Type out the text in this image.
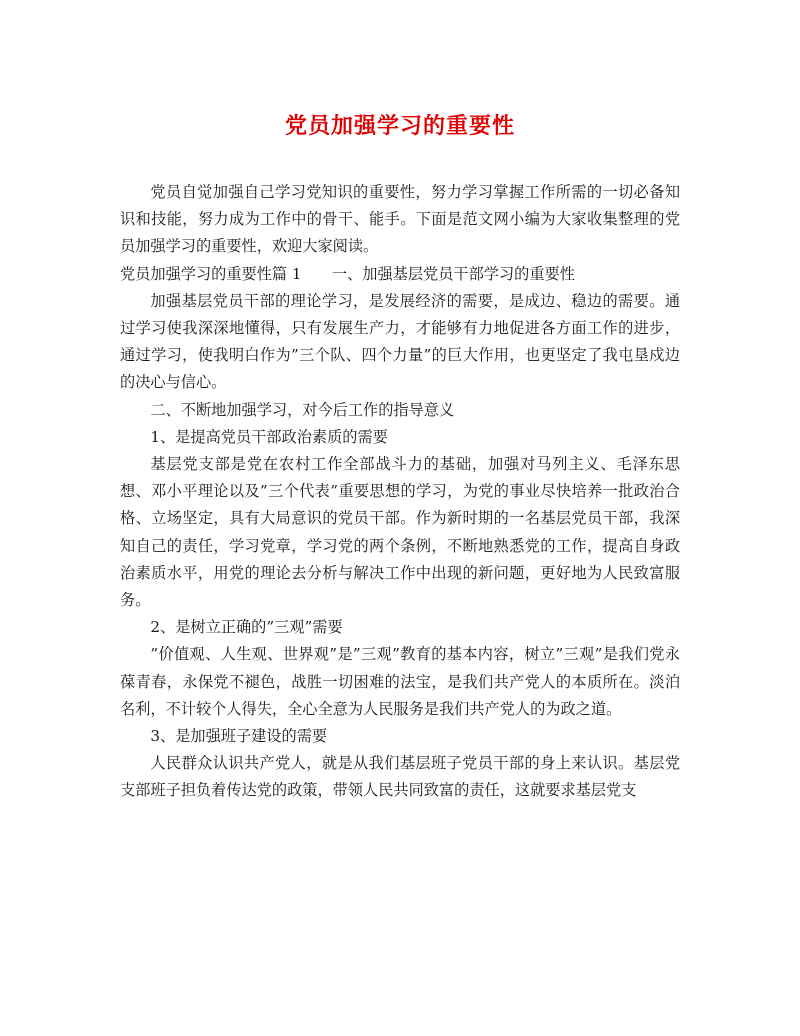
党员加强学习的重要性

党员自觉加强自己学习党知识的重要性，努力学习掌握工作所需的一切必备知识和技能，努力成为工作中的骨干、能手。下面是范文网小编为大家收集整理的党员加强学习的重要性，欢迎大家阅读。

党员加强学习的重要性篇 1　　一、加强基层党员干部学习的重要性

加强基层党员干部的理论学习，是发展经济的需要，是成边、稳边的需要。通过学习使我深深地懂得，只有发展生产力，才能够有力地促进各方面工作的进步，通过学习，使我明白作为”三个队、四个力量”的巨大作用，也更坚定了我屯垦戍边的决心与信心。

二、不断地加强学习，对今后工作的指导意义

1、是提高党员干部政治素质的需要

基层党支部是党在农村工作全部战斗力的基础，加强对马列主义、毛泽东思想、邓小平理论以及”三个代表”重要思想的学习，为党的事业尽快培养一批政治合格、立场坚定，具有大局意识的党员干部。作为新时期的一名基层党员干部，我深知自己的责任，学习党章，学习党的两个条例，不断地熟悉党的工作，提高自身政治素质水平，用党的理论去分析与解决工作中出现的新问题，更好地为人民致富服务。

2、是树立正确的”三观”需要

”价值观、人生观、世界观”是”三观”教育的基本内容，树立”三观”是我们党永葆青春，永保党不褪色，战胜一切困难的法宝，是我们共产党人的本质所在。淡泊名利，不计较个人得失，全心全意为人民服务是我们共产党人的为政之道。

3、是加强班子建设的需要

人民群众认识共产党人，就是从我们基层班子党员干部的身上来认识。基层党支部班子担负着传达党的政策，带领人民共同致富的责任，这就要求基层党支
